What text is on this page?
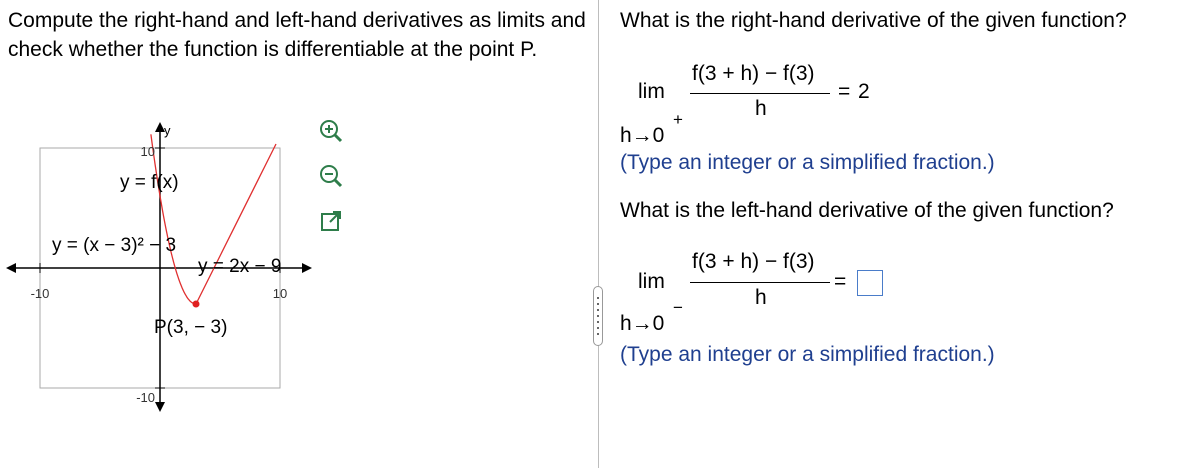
Compute the right-hand and left-hand derivatives as limits and check whether the function is differentiable at the point P.
y
10
-10
-10	10
y = f(x)
y = (x − 3)² − 3
y = 2x − 9
P(3, − 3)
What is the right-hand derivative of the given function?
lim
f(3 + h) − f(3)
h
= 2
h→0
+
(Type an integer or a simplified fraction.)
What is the left-hand derivative of the given function?
lim
f(3 + h) − f(3)
h
=
h→0
−
(Type an integer or a simplified fraction.)
